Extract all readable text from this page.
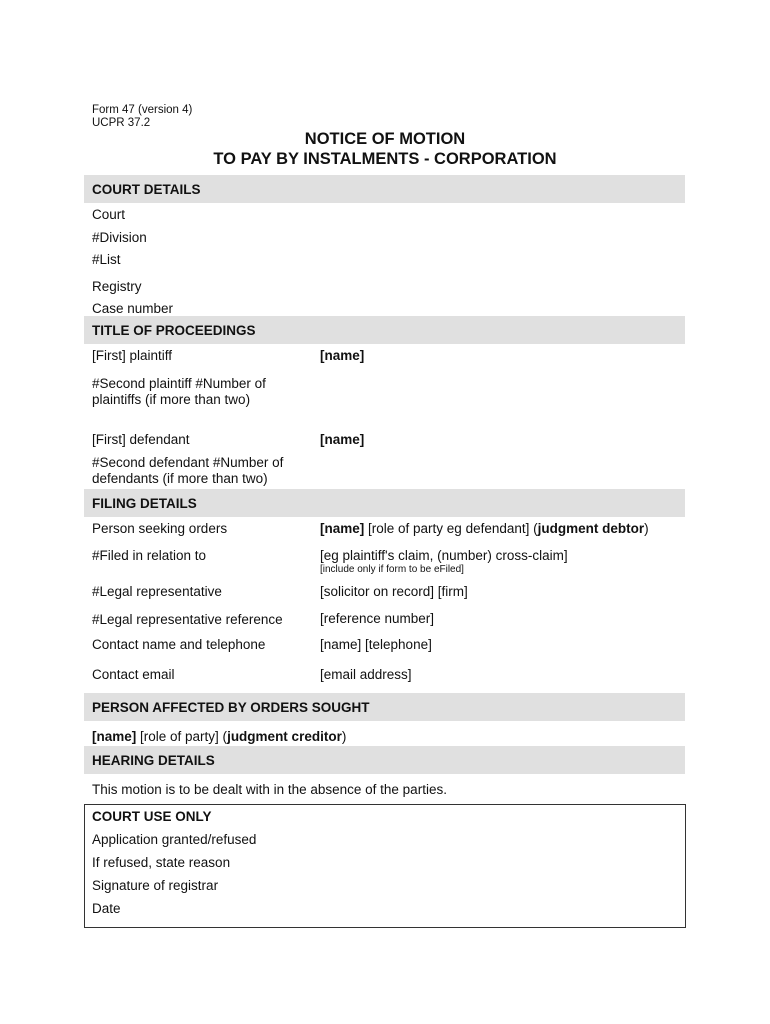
Form 47 (version 4)
UCPR 37.2
NOTICE OF MOTION
TO PAY BY INSTALMENTS - CORPORATION
COURT DETAILS
Court
#Division
#List
Registry
Case number
TITLE OF PROCEEDINGS
[First] plaintiff	[name]
#Second plaintiff #Number of
plaintiffs (if more than two)
[First] defendant	[name]
#Second defendant #Number of
defendants (if more than two)
FILING DETAILS
Person seeking orders	[name] [role of party eg defendant] (judgment debtor)
#Filed in relation to	[eg plaintiff's claim, (number) cross-claim]
[include only if form to be eFiled]
#Legal representative	[solicitor on record] [firm]
#Legal representative reference	[reference number]
Contact name and telephone	[name] [telephone]
Contact email	[email address]
PERSON AFFECTED BY ORDERS SOUGHT
[name] [role of party] (judgment creditor)
HEARING DETAILS
This motion is to be dealt with in the absence of the parties.
COURT USE ONLY
Application granted/refused
If refused, state reason
Signature of registrar
Date
